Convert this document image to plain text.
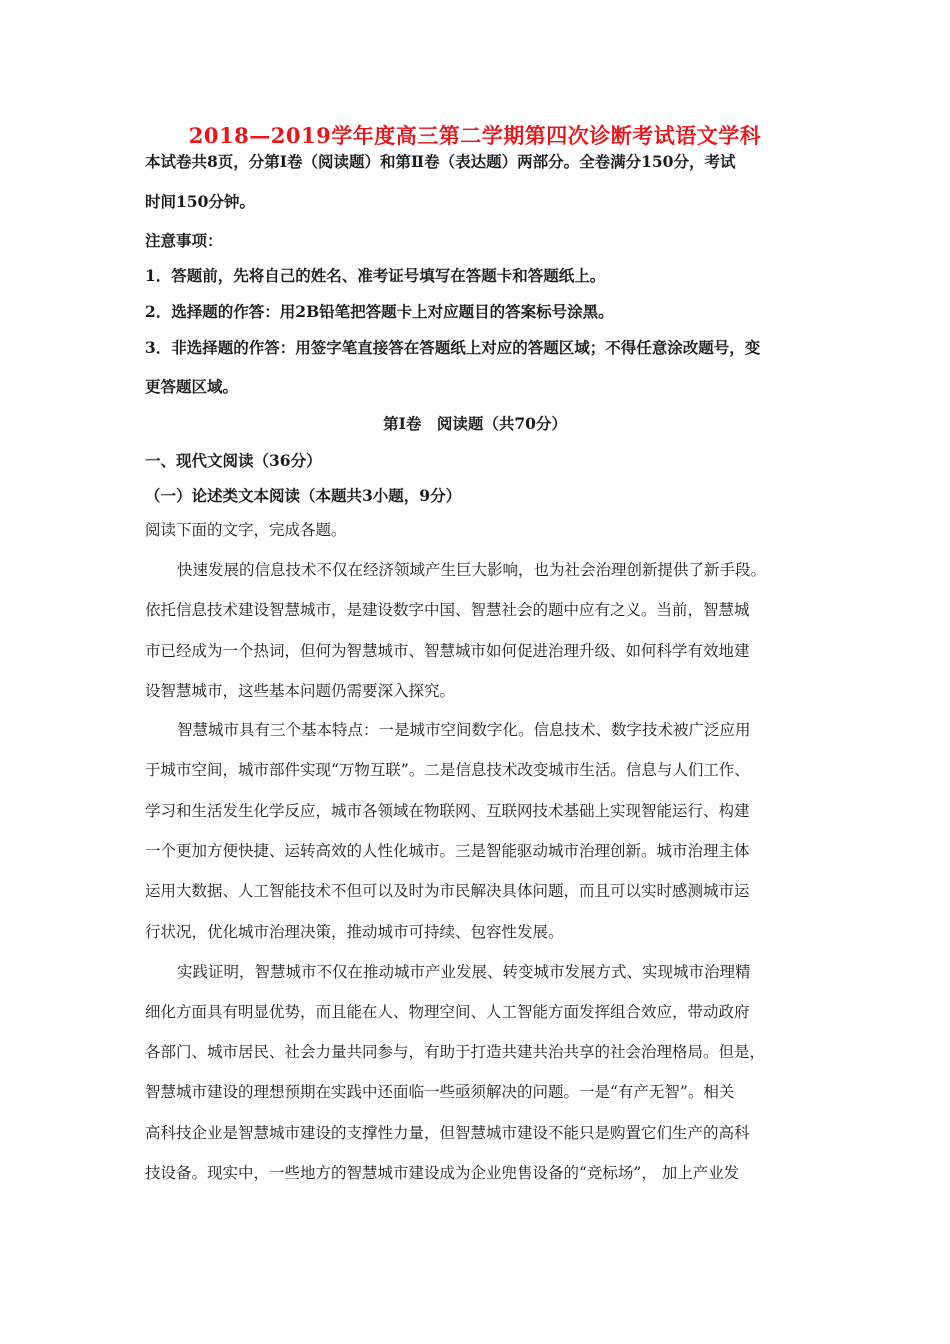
2018—2019学年度高三第二学期第四次诊断考试语文学科
本试卷共8页，分第Ⅰ卷（阅读题）和第Ⅱ卷（表达题）两部分。全卷满分150分，考试
时间150分钟。
注意事项：
1．答题前，先将自己的姓名、准考证号填写在答题卡和答题纸上。
2．选择题的作答：用2B铅笔把答题卡上对应题目的答案标号涂黑。
3．非选择题的作答：用签字笔直接答在答题纸上对应的答题区域；不得任意涂改题号，变
更答题区域。
第Ⅰ卷　阅读题（共70分）
一、现代文阅读（36分）
（一）论述类文本阅读（本题共3小题，9分）
阅读下面的文字，完成各题。
快速发展的信息技术不仅在经济领域产生巨大影响，也为社会治理创新提供了新手段。
依托信息技术建设智慧城市，是建设数字中国、智慧社会的题中应有之义。当前，智慧城
市已经成为一个热词，但何为智慧城市、智慧城市如何促进治理升级、如何科学有效地建
设智慧城市，这些基本问题仍需要深入探究。
智慧城市具有三个基本特点：一是城市空间数字化。信息技术、数字技术被广泛应用
于城市空间，城市部件实现“万物互联”。二是信息技术改变城市生活。信息与人们工作、
学习和生活发生化学反应，城市各领域在物联网、互联网技术基础上实现智能运行、构建
一个更加方便快捷、运转高效的人性化城市。三是智能驱动城市治理创新。城市治理主体
运用大数据、人工智能技术不但可以及时为市民解决具体问题，而且可以实时感测城市运
行状况，优化城市治理决策，推动城市可持续、包容性发展。
实践证明，智慧城市不仅在推动城市产业发展、转变城市发展方式、实现城市治理精
细化方面具有明显优势，而且能在人、物理空间、人工智能方面发挥组合效应，带动政府
各部门、城市居民、社会力量共同参与，有助于打造共建共治共享的社会治理格局。但是，
智慧城市建设的理想预期在实践中还面临一些亟须解决的问题。一是“有产无智”。相关
高科技企业是智慧城市建设的支撑性力量，但智慧城市建设不能只是购置它们生产的高科
技设备。现实中，一些地方的智慧城市建设成为企业兜售设备的“竞标场”， 加上产业发
